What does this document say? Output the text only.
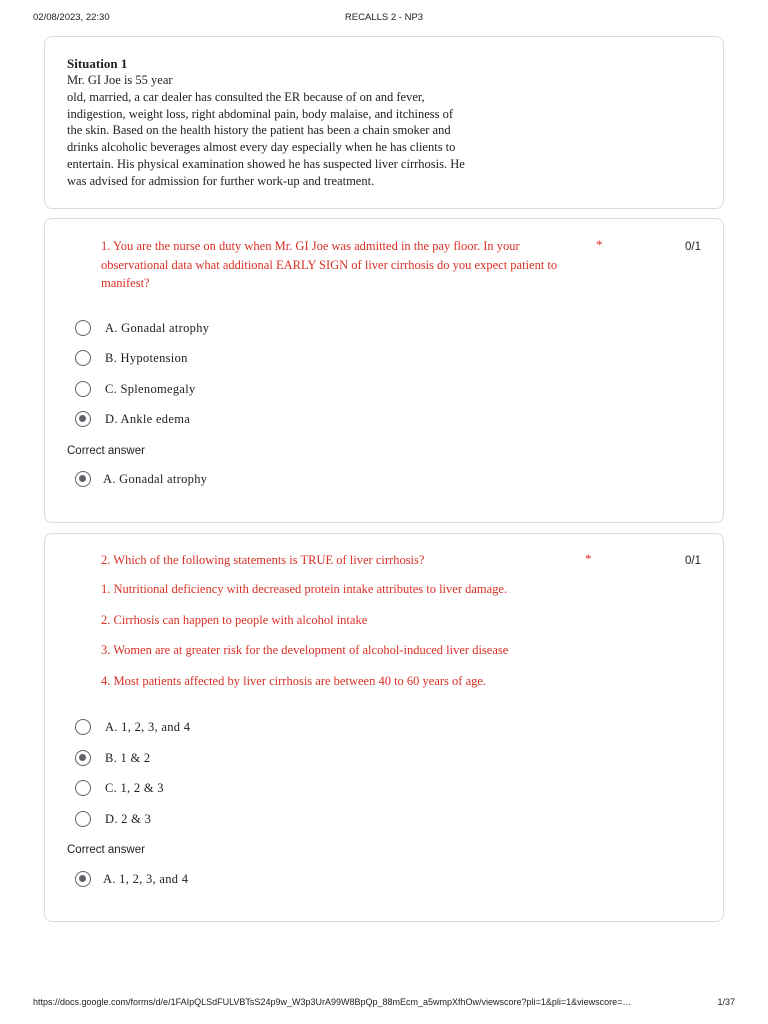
02/08/2023, 22:30	RECALLS 2 - NP3
Situation 1
Mr. GI Joe is 55 year
old, married, a car dealer has consulted the ER because of on and fever,
indigestion, weight loss, right abdominal pain, body malaise, and itchiness of
the skin. Based on the health history the patient has been a chain smoker and
drinks alcoholic beverages almost every day especially when he has clients to
entertain. His physical examination showed he has suspected liver cirrhosis. He
was advised for admission for further work-up and treatment.
1. You are the nurse on duty when Mr. GI Joe was admitted in the pay floor. In your observational data what additional EARLY SIGN of liver cirrhosis do you expect patient to manifest?
*	0/1
A. Gonadal atrophy
B. Hypotension
C. Splenomegaly
D. Ankle edema
Correct answer
A. Gonadal atrophy
2. Which of the following statements is TRUE of liver cirrhosis?	*	0/1
1. Nutritional deficiency with decreased protein intake attributes to liver damage.
2. Cirrhosis can happen to people with alcohol intake
3. Women are at greater risk for the development of alcohol-induced liver disease
4. Most patients affected by liver cirrhosis are between 40 to 60 years of age.
A. 1, 2, 3, and 4
B. 1 & 2
C. 1, 2 & 3
D. 2 & 3
Correct answer
A. 1, 2, 3, and 4
https://docs.google.com/forms/d/e/1FAIpQLSdFULVBTsS24p9w_W3p3UrA99W8BpQp_88mEcm_a5wmpXfhOw/viewscore?pli=1&pli=1&viewscore=…	1/37
